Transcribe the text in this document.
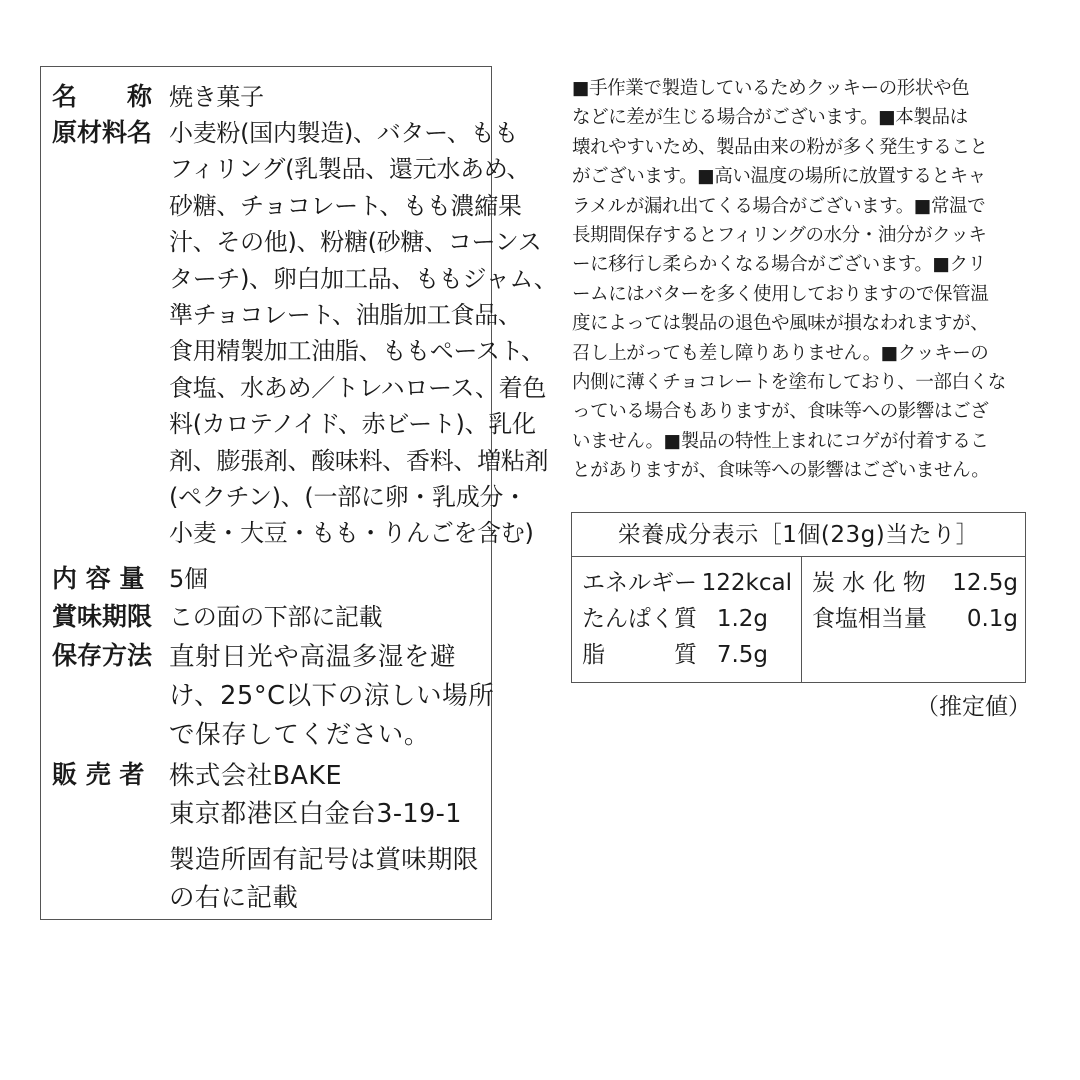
名　　称 焼き菓子
原材料名 小麦粉(国内製造)、バター、もも
フィリング(乳製品、還元水あめ、
砂糖、チョコレート、もも濃縮果
汁、その他)、粉糖(砂糖、コーンス
ターチ)、卵白加工品、ももジャム、
準チョコレート、油脂加工食品、
食用精製加工油脂、ももペースト、
食塩、水あめ／トレハロース、着色
料(カロテノイド、赤ビート)、乳化
剤、膨張剤、酸味料、香料、増粘剤
(ペクチン)、(一部に卵・乳成分・
小麦・大豆・もも・りんごを含む)
内 容 量 5個
賞味期限 この面の下部に記載
保存方法 直射日光や高温多湿を避
け、25°C以下の涼しい場所
で保存してください。
販 売 者 株式会社BAKE
東京都港区白金台3-19-1
製造所固有記号は賞味期限
の右に記載
■手作業で製造しているためクッキーの形状や色
などに差が生じる場合がございます。■本製品は
壊れやすいため、製品由来の粉が多く発生すること
がございます。■高い温度の場所に放置するとキャ
ラメルが漏れ出てくる場合がございます。■常温で
長期間保存するとフィリングの水分・油分がクッキ
ーに移行し柔らかくなる場合がございます。■クリ
ームにはバターを多く使用しておりますので保管温
度によっては製品の退色や風味が損なわれますが、
召し上がっても差し障りありません。■クッキーの
内側に薄くチョコレートを塗布しており、一部白くな
っている場合もありますが、食味等への影響はござ
いません。■製品の特性上まれにコゲが付着するこ
とがありますが、食味等への影響はございません。
栄養成分表示［1個(23g)当たり］
エネルギー 122kcal
たんぱく質 1.2g
脂　　　質 7.5g
炭 水 化 物 12.5g
食塩相当量 0.1g
（推定値）
